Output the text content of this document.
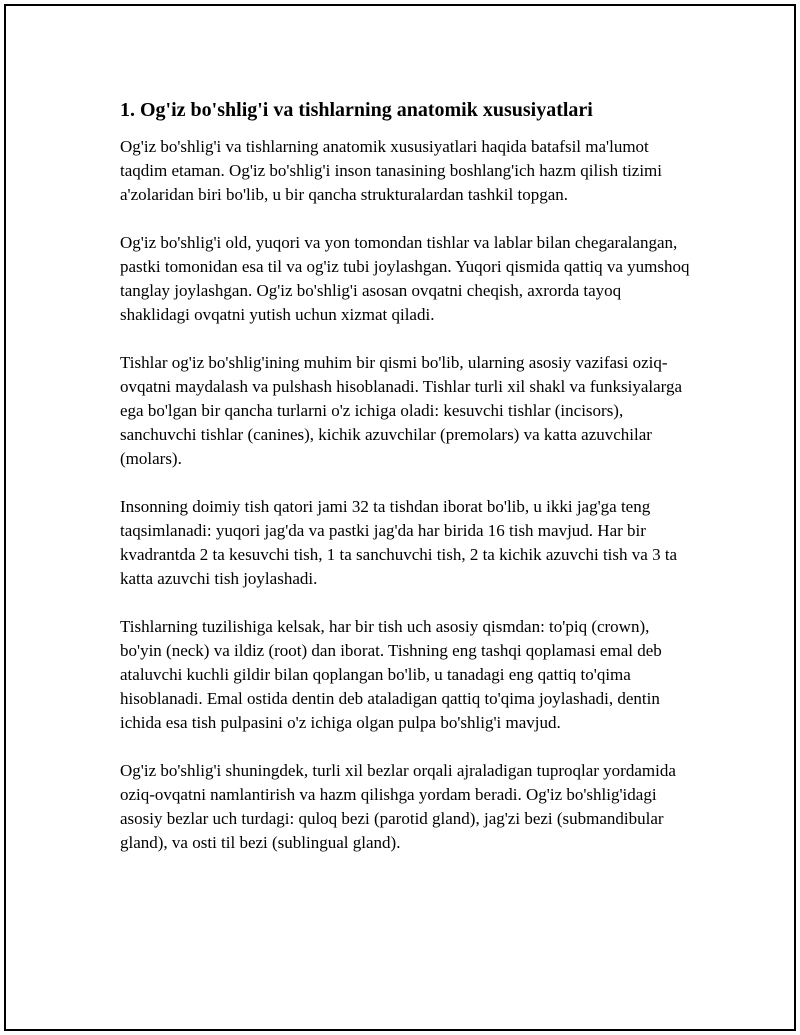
1. Og'iz bo'shlig'i va tishlarning anatomik xususiyatlari

Og'iz bo'shlig'i va tishlarning anatomik xususiyatlari haqida batafsil ma'lumot taqdim etaman. Og'iz bo'shlig'i inson tanasining boshlang'ich hazm qilish tizimi a'zolaridan biri bo'lib, u bir qancha strukturalardan tashkil topgan.

Og'iz bo'shlig'i old, yuqori va yon tomondan tishlar va lablar bilan chegaralangan, pastki tomonidan esa til va og'iz tubi joylashgan. Yuqori qismida qattiq va yumshoq tanglay joylashgan. Og'iz bo'shlig'i asosan ovqatni cheqish, axrorda tayoq shaklidagi ovqatni yutish uchun xizmat qiladi.

Tishlar og'iz bo'shlig'ining muhim bir qismi bo'lib, ularning asosiy vazifasi oziq-ovqatni maydalash va pulshash hisoblanadi. Tishlar turli xil shakl va funksiyalarga ega bo'lgan bir qancha turlarni o'z ichiga oladi: kesuvchi tishlar (incisors), sanchuvchi tishlar (canines), kichik azuvchilar (premolars) va katta azuvchilar (molars).

Insonning doimiy tish qatori jami 32 ta tishdan iborat bo'lib, u ikki jag'ga teng taqsimlanadi: yuqori jag'da va pastki jag'da har birida 16 tish mavjud. Har bir kvadrantda 2 ta kesuvchi tish, 1 ta sanchuvchi tish, 2 ta kichik azuvchi tish va 3 ta katta azuvchi tish joylashadi.

Tishlarning tuzilishiga kelsak, har bir tish uch asosiy qismdan: to'piq (crown), bo'yin (neck) va ildiz (root) dan iborat. Tishning eng tashqi qoplamasi emal deb ataluvchi kuchli gildir bilan qoplangan bo'lib, u tanadagi eng qattiq to'qima hisoblanadi. Emal ostida dentin deb ataladigan qattiq to'qima joylashadi, dentin ichida esa tish pulpasini o'z ichiga olgan pulpa bo'shlig'i mavjud.

Og'iz bo'shlig'i shuningdek, turli xil bezlar orqali ajraladigan tuproqlar yordamida oziq-ovqatni namlantirish va hazm qilishga yordam beradi. Og'iz bo'shlig'idagi asosiy bezlar uch turdagi: quloq bezi (parotid gland), jag'zi bezi (submandibular gland), va osti til bezi (sublingual gland).
